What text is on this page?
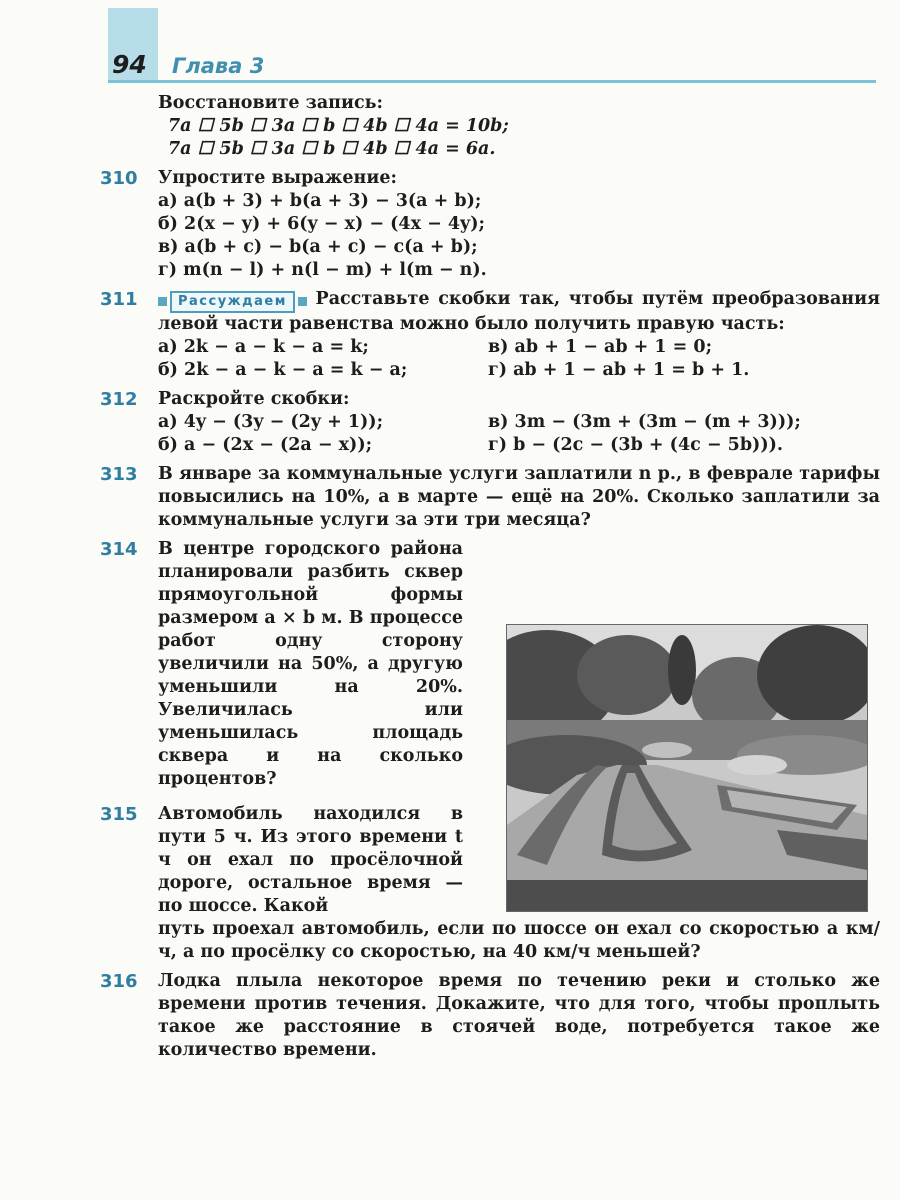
94 Глава 3
Восстановите запись:
7a ☐ 5b ☐ 3a ☐ b ☐ 4b ☐ 4a = 10b;
7a ☐ 5b ☐ 3a ☐ b ☐ 4b ☐ 4a = 6a.
310 Упростите выражение:
а) a(b + 3) + b(a + 3) − 3(a + b);
б) 2(x − y) + 6(y − x) − (4x − 4y);
в) a(b + c) − b(a + c) − c(a + b);
г) m(n − l) + n(l − m) + l(m − n).
311	Рассуждаем	Расставьте скобки так, чтобы путём преобразования левой части равенства можно было получить правую часть:
а) 2k − a − k − a = k;
б) 2k − a − k − a = k − a;
в) ab + 1 − ab + 1 = 0;
г) ab + 1 − ab + 1 = b + 1.
312 Раскройте скобки:
а) 4y − (3y − (2y + 1));
б) a − (2x − (2a − x));
в) 3m − (3m + (3m − (m + 3)));
г) b − (2c − (3b + (4c − 5b))).
313 В январе за коммунальные услуги заплатили n р., в феврале тарифы повысились на 10%, а в марте — ещё на 20%. Сколько заплатили за коммунальные услуги за эти три месяца?
314 В центре городского района планировали разбить сквер прямоугольной формы размером a × b м. В процессе работ одну сторону увеличили на 50%, а другую уменьшили на 20%. Увеличилась или уменьшилась площадь сквера и на сколько процентов?
315 Автомобиль находился в пути 5 ч. Из этого времени t ч он ехал по просёлочной дороге, остальное время — по шоссе. Какой
путь проехал автомобиль, если по шоссе он ехал со скоростью a км/ч, а по просёлку со скоростью, на 40 км/ч меньшей?
316 Лодка плыла некоторое время по течению реки и столько же времени против течения. Докажите, что для того, чтобы проплыть такое же расстояние в стоячей воде, потребуется такое же количество времени.
